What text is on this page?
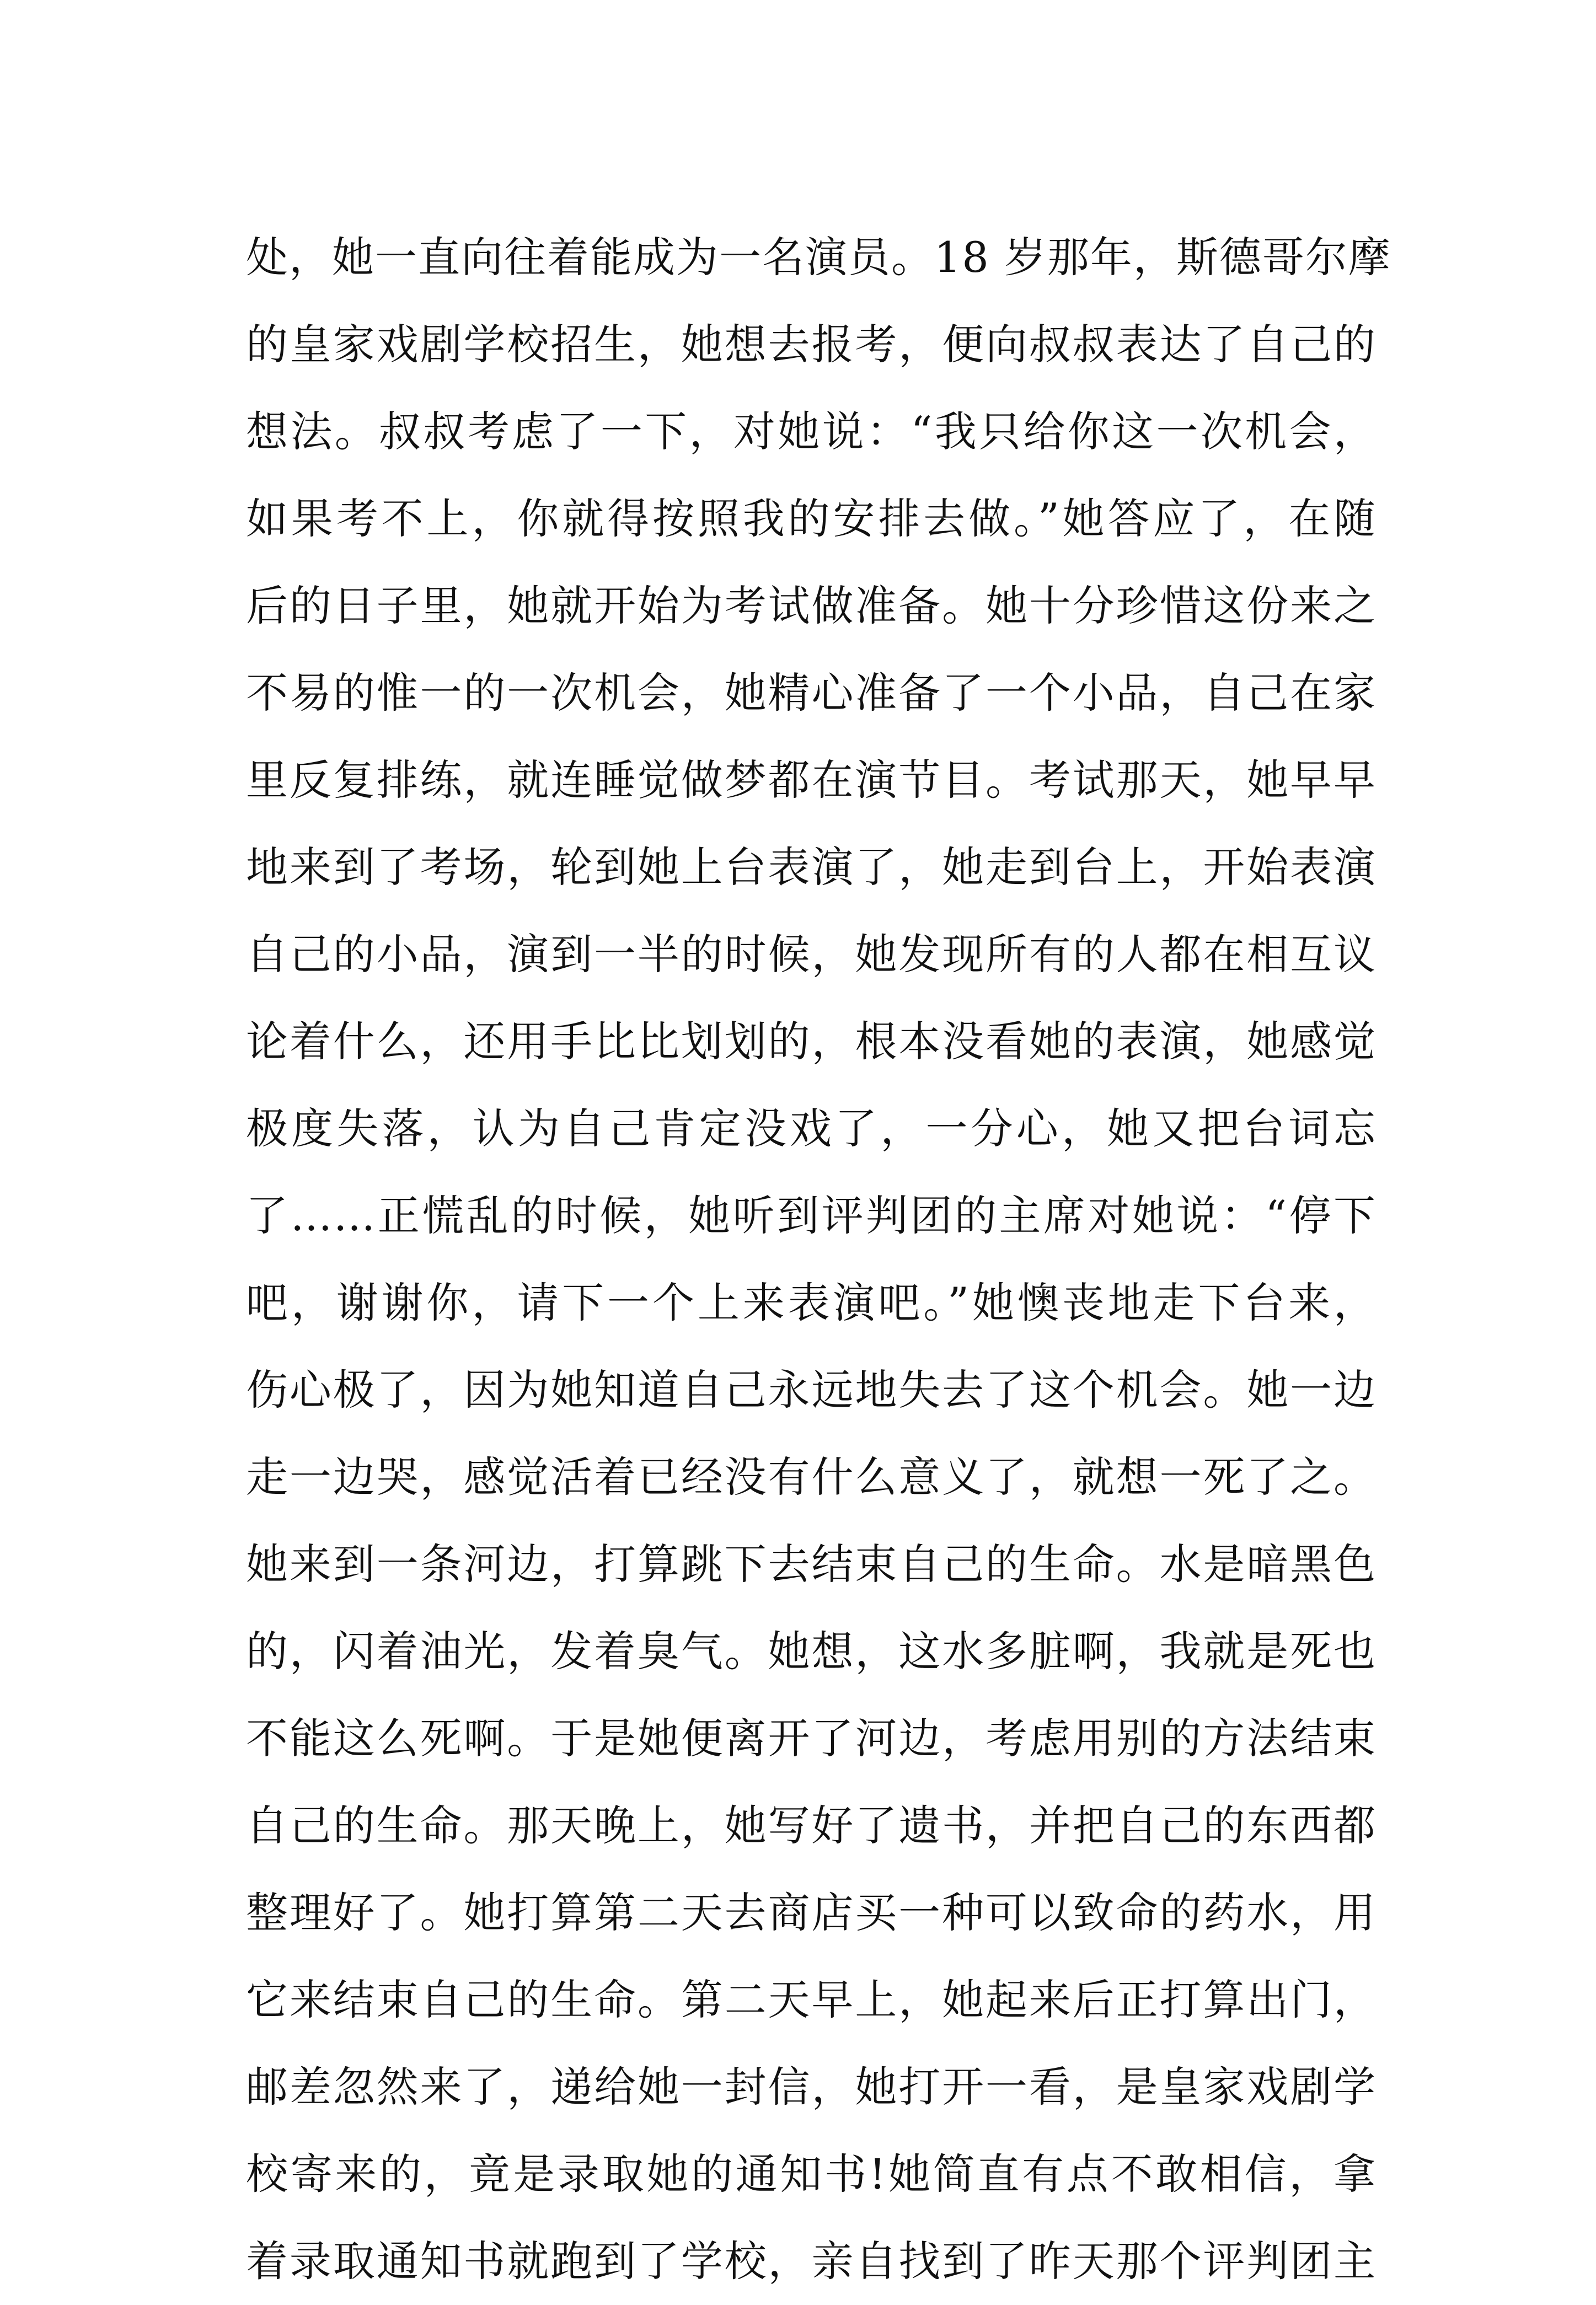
处，她一直向往着能成为一名演员。18 岁那年，斯德哥尔摩
的皇家戏剧学校招生，她想去报考，便向叔叔表达了自己的
想法。叔叔考虑了一下，对她说：“我只给你这一次机会，
如果考不上，你就得按照我的安排去做。”她答应了，在随
后的日子里，她就开始为考试做准备。她十分珍惜这份来之
不易的惟一的一次机会，她精心准备了一个小品，自己在家
里反复排练，就连睡觉做梦都在演节目。考试那天，她早早
地来到了考场，轮到她上台表演了，她走到台上，开始表演
自己的小品，演到一半的时候，她发现所有的人都在相互议
论着什么，还用手比比划划的，根本没看她的表演，她感觉
极度失落，认为自己肯定没戏了，一分心，她又把台词忘
了……正慌乱的时候，她听到评判团的主席对她说：“停下
吧，谢谢你，请下一个上来表演吧。”她懊丧地走下台来，
伤心极了，因为她知道自己永远地失去了这个机会。她一边
走一边哭，感觉活着已经没有什么意义了，就想一死了之。
她来到一条河边，打算跳下去结束自己的生命。水是暗黑色
的，闪着油光，发着臭气。她想，这水多脏啊，我就是死也
不能这么死啊。于是她便离开了河边，考虑用别的方法结束
自己的生命。那天晚上，她写好了遗书，并把自己的东西都
整理好了。她打算第二天去商店买一种可以致命的药水，用
它来结束自己的生命。第二天早上，她起来后正打算出门，
邮差忽然来了，递给她一封信，她打开一看，是皇家戏剧学
校寄来的，竟是录取她的通知书!她简直有点不敢相信，拿
着录取通知书就跑到了学校，亲自找到了昨天那个评判团主
